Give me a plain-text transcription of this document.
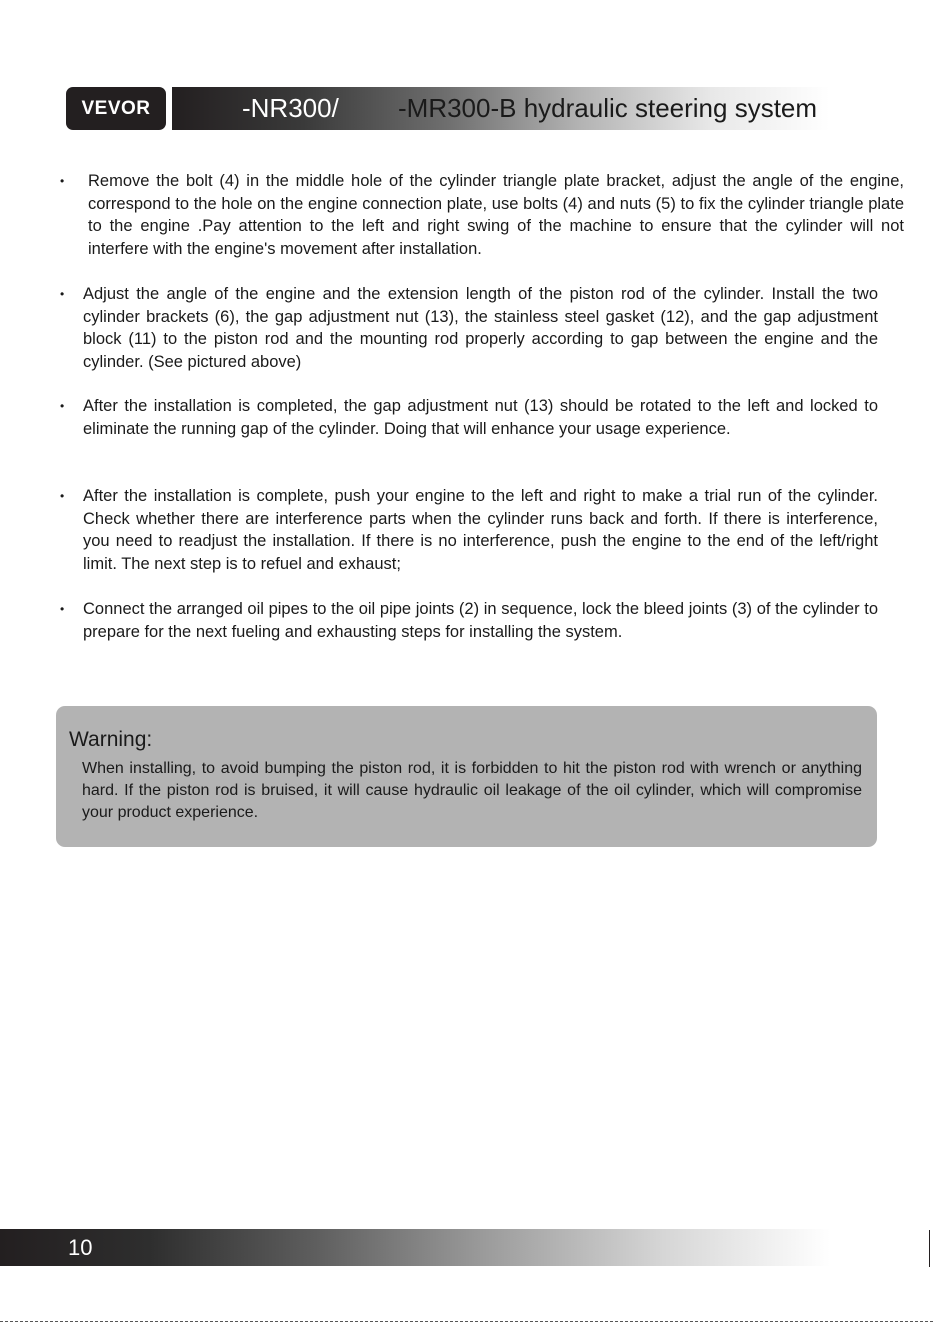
VEVOR	-NR300/ -MR300-B hydraulic steering system
• Remove the bolt (4) in the middle hole of the cylinder triangle plate bracket, adjust the angle of the engine, correspond to the hole on the engine connection plate, use bolts (4) and nuts (5) to fix the cylinder triangle plate to the engine .Pay attention to the left and right swing of the machine to ensure that the cylinder will not interfere with the engine's movement after installation.
• Adjust the angle of the engine and the extension length of the piston rod of the cylinder. Install the two cylinder brackets (6), the gap adjustment nut (13), the stainless steel gasket (12), and the gap adjustment block (11) to the piston rod and the mounting rod properly according to gap between the engine and the cylinder. (See pictured above)
• After the installation is completed, the gap adjustment nut (13) should be rotated to the left and locked to eliminate the running gap of the cylinder. Doing that will enhance your usage experience.
• After the installation is complete, push your engine to the left and right to make a trial run of the cylinder. Check whether there are interference parts when the cylinder runs back and forth. If there is interference, you need to readjust the installation. If there is no interference, push the engine to the end of the left/right limit. The next step is to refuel and exhaust;
• Connect the arranged oil pipes to the oil pipe joints (2) in sequence, lock the bleed joints (3) of the cylinder to prepare for the next fueling and exhausting steps for installing the system.
Warning:
When installing, to avoid bumping the piston rod, it is forbidden to hit the piston rod with wrench or anything hard. If the piston rod is bruised, it will cause hydraulic oil leakage of the oil cylinder, which will compromise your product experience.
10
